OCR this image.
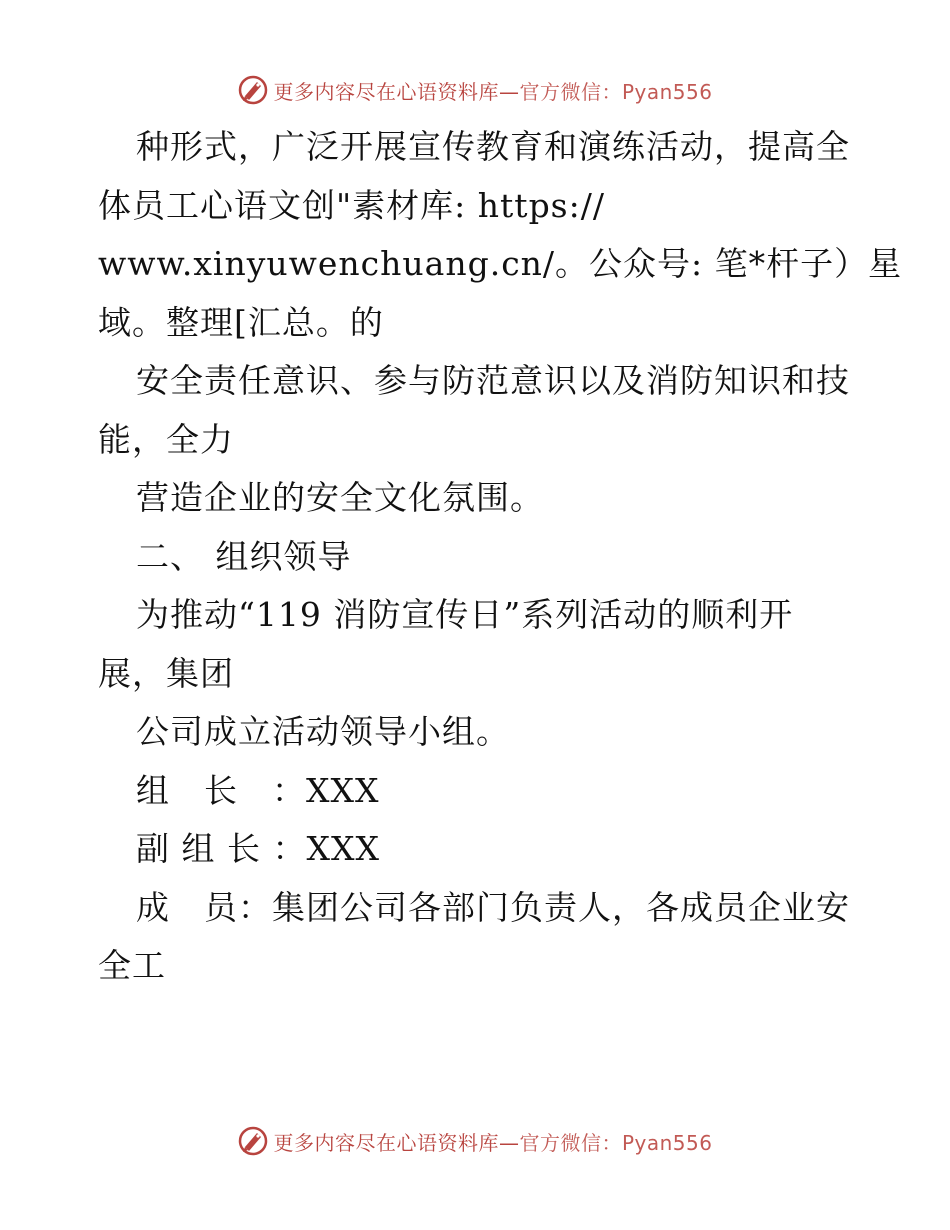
更多内容尽在心语资料库—官方微信：Pyan556
种形式，广泛开展宣传教育和演练活动，提高全
体员工心语文创"素材库: https://
www.xinyuwenchuang.cn/。公众号: 笔*杆子）星
域。整理[汇总。的
安全责任意识、参与防范意识以及消防知识和技
能，全力
营造企业的安全文化氛围。
二、 组织领导
为推动“119 消防宣传日”系列活动的顺利开
展，集团
公司成立活动领导小组。
组　长　：XXX
副 组 长 ：XXX
成　员：集团公司各部门负责人，各成员企业安
全工
更多内容尽在心语资料库—官方微信：Pyan556
